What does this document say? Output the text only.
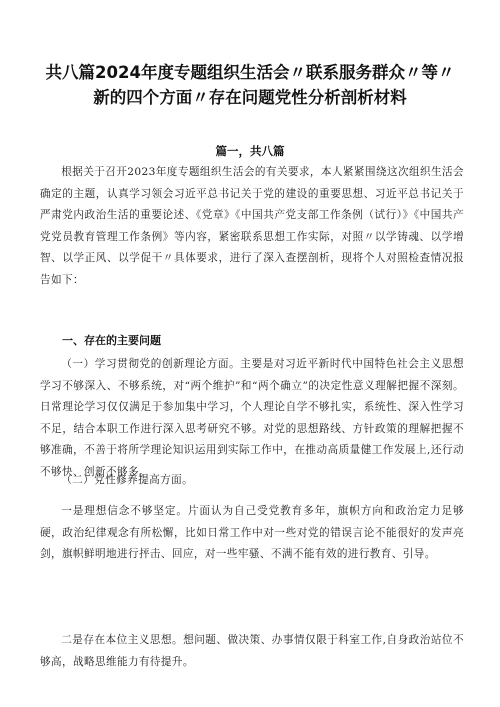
共八篇2024年度专题组织生活会〃联系服务群众〃等〃新的四个方面〃存在问题党性分析剖析材料
篇一，共八篇

根据关于召开2023年度专题组织生活会的有关要求，本人紧紧围绕这次组织生活会确定的主题，认真学习领会习近平总书记关于党的建设的重要思想、习近平总书记关于严肃党内政治生活的重要论述、《党章》《中国共产党支部工作条例（试行）》《中国共产党党员教育管理工作条例》等内容，紧密联系思想工作实际，对照〃以学铸魂、以学增智、以学正风、以学促干〃具体要求，进行了深入查摆剖析，现将个人对照检查情况报告如下：

一、存在的主要问题

（一）学习贯彻党的创新理论方面。主要是对习近平新时代中国特色社会主义思想学习不够深入、不够系统，对“两个维护”和“两个确立”的决定性意义理解把握不深刻。日常理论学习仅仅满足于参加集中学习，个人理论自学不够扎实，系统性、深入性学习不足，结合本职工作进行深入思考研究不够。对党的思想路线、方针政策的理解把握不够准确，不善于将所学理论知识运用到实际工作中，在推动高质量健工作发展上,还行动不够快、创新不够多。

（二）党性修养提高方面。

一是理想信念不够坚定。片面认为自己受党教育多年，旗帜方向和政治定力足够硬，政治纪律观念有所松懈，比如日常工作中对一些对党的错误言论不能很好的发声亮剑，旗帜鲜明地进行抨击、回应，对一些牢骚、不满不能有效的进行教育、引导。

二是存在本位主义思想。想问题、做决策、办事情仅限于科室工作,自身政治站位不够高，战略思维能力有待提升。
